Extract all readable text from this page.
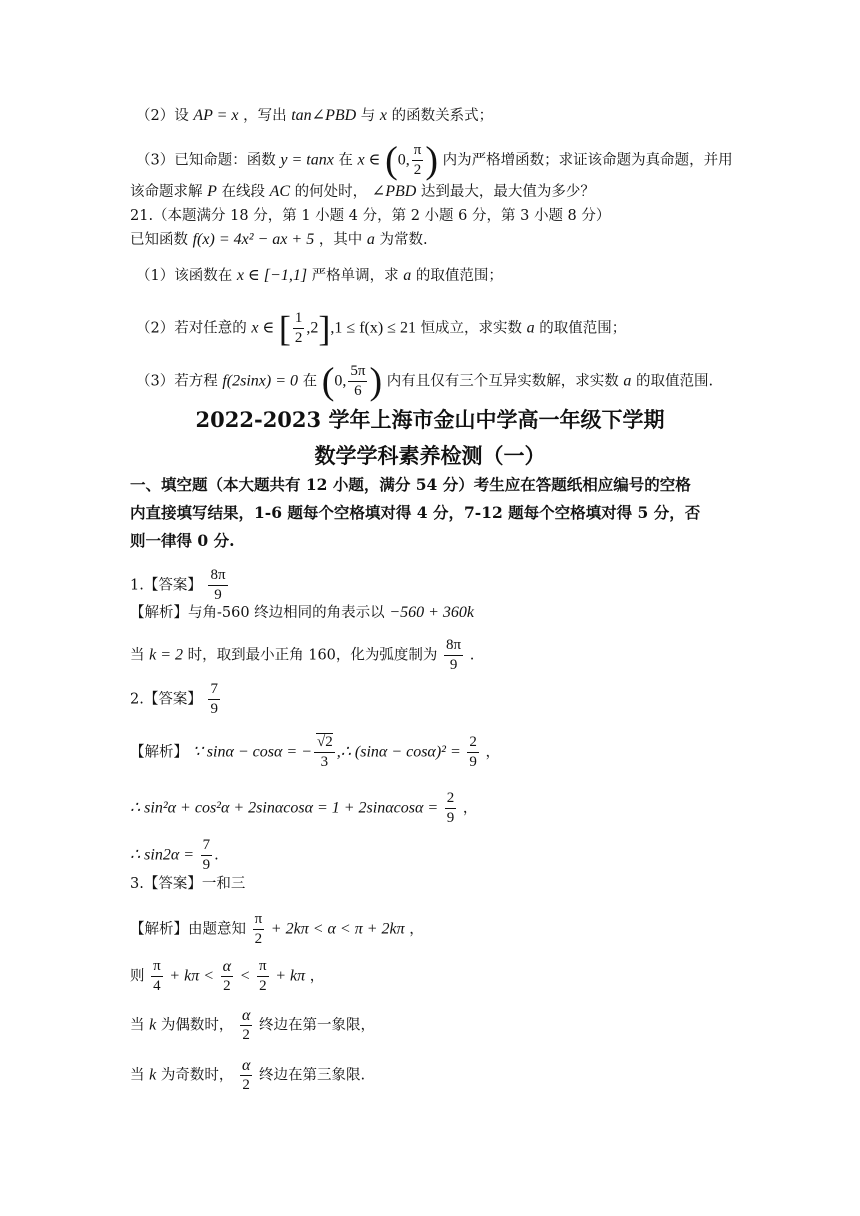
（2）设 AP = x ，写出 tan∠PBD 与 x 的函数关系式；
（3）已知命题：函数 y = tanx 在 x ∈ (0, $\frac{\pi}{2}$ ) 内为严格增函数；求证该命题为真命题，并用
该命题求解 P 在线段 AC 的何处时， ∠PBD 达到最大，最大值为多少？
21.（本题满分 18 分，第 1 小题 4 分，第 2 小题 6 分，第 3 小题 8 分）
已知函数 f(x) = 4x² − ax + 5 ，其中 a 为常数.
（1）该函数在 x ∈ [−1,1] 严格单调，求 a 的取值范围；
（2）若对任意的 x ∈ [ $\frac{1}{2} ,2],1 \le f(x) \le 21$ 恒成立，求实数 a 的取值范围；
（3）若方程 f(2sinx) = 0 在 (0, $\frac{5\pi}{6}$ ) 内有且仅有三个互异实数解，求实数 a 的取值范围.
2022-2023 学年上海市金山中学高一年级下学期
数学学科素养检测（一）
一、填空题（本大题共有 12 小题，满分 54 分）考生应在答题纸相应编号的空格
内直接填写结果，1-6 题每个空格填对得 4 分，7-12 题每个空格填对得 5 分，否
则一律得 0 分.
1.【答案】 $\frac{8\pi}{9}$
【解析】与角-560 终边相同的角表示以 −560 + 360k
当 k = 2 时，取到最小正角 160，化为弧度制为 $\frac{8\pi}{9}$ .
2.【答案】 $\frac{7}{9}$
【解析】 ∵ sinα − cosα = − $\frac{√2}{3}$ ,∴ $(\sin\alpha - \cos\alpha)^2 = \frac{2}{9}$ ，
∴ $\sin^2\alpha + \cos^2\alpha + 2\sin\alpha\cos\alpha = 1 + 2\sin\alpha\cos\alpha = \frac{2}{9}$ ，
∴ $\sin 2\alpha = \frac{7}{9}$ .
3.【答案】一和三
【解析】由题意知 $\frac{\pi}{2} + 2k\pi < \alpha < \pi + 2k\pi$ ，
则 $\frac{\pi}{4} + k\pi < \frac{\alpha}{2} < \frac{\pi}{2} + k\pi$ ，
当 k 为偶数时， $\frac{\alpha}{2}$ 终边在第一象限，
当 k 为奇数时， $\frac{\alpha}{2}$ 终边在第三象限.
